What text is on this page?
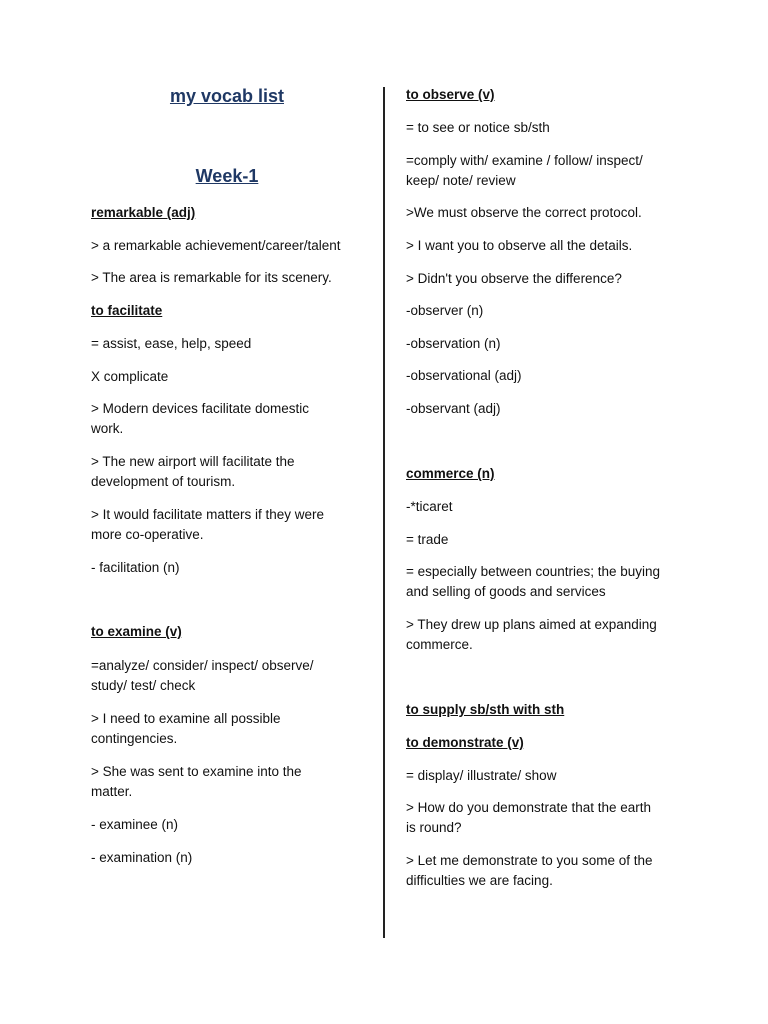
my vocab list
Week-1
remarkable (adj)
> a remarkable achievement/career/talent
> The area is remarkable for its scenery.
to facilitate
= assist, ease, help, speed
X complicate
> Modern devices facilitate domestic
work.
> The new airport will facilitate the
development of tourism.
> It would facilitate matters if they were
more co-operative.
- facilitation (n)
to examine (v)
=analyze/ consider/ inspect/ observe/
study/ test/ check
> I need to examine all possible
contingencies.
> She was sent to examine into the
matter.
- examinee (n)
- examination (n)
to observe (v)
= to see or notice sb/sth
=comply with/ examine / follow/ inspect/
keep/ note/ review
>We must observe the correct protocol.
> I want you to observe all the details.
> Didn't you observe the difference?
-observer (n)
-observation (n)
-observational (adj)
-observant (adj)
commerce (n)
-*ticaret
= trade
= especially between countries; the buying
and selling of goods and services
> They drew up plans aimed at expanding
commerce.
to supply sb/sth with sth
to demonstrate (v)
= display/ illustrate/ show
> How do you demonstrate that the earth
is round?
> Let me demonstrate to you some of the
difficulties we are facing.
